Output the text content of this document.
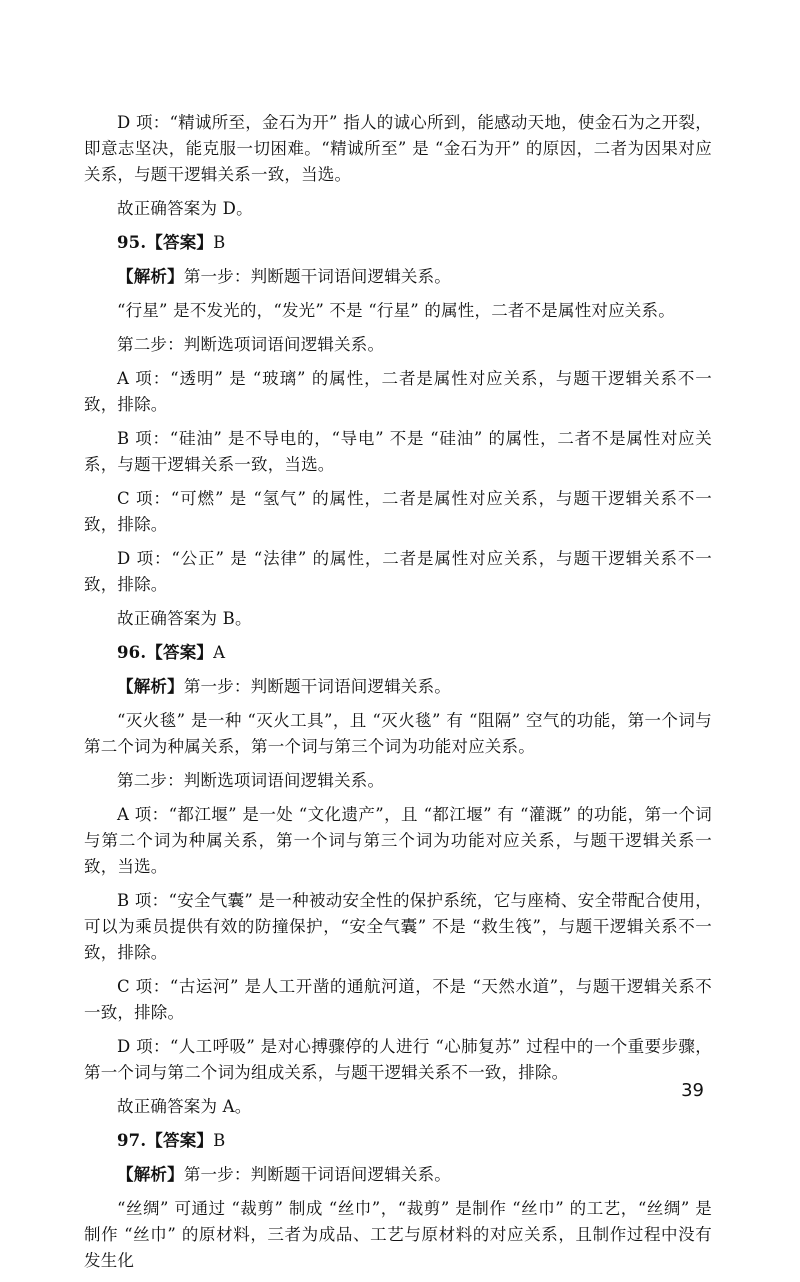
D 项：“精诚所至，金石为开” 指人的诚心所到，能感动天地，使金石为之开裂，即意志坚决，能克服一切困难。“精诚所至” 是 “金石为开” 的原因，二者为因果对应关系，与题干逻辑关系一致，当选。

故正确答案为 D。

95.【答案】B

【解析】第一步：判断题干词语间逻辑关系。

“行星” 是不发光的，“发光” 不是 “行星” 的属性，二者不是属性对应关系。

第二步：判断选项词语间逻辑关系。

A 项：“透明” 是 “玻璃” 的属性，二者是属性对应关系，与题干逻辑关系不一致，排除。

B 项：“硅油” 是不导电的，“导电” 不是 “硅油” 的属性，二者不是属性对应关系，与题干逻辑关系一致，当选。

C 项：“可燃” 是 “氢气” 的属性，二者是属性对应关系，与题干逻辑关系不一致，排除。

D 项：“公正” 是 “法律” 的属性，二者是属性对应关系，与题干逻辑关系不一致，排除。

故正确答案为 B。

96.【答案】A

【解析】第一步：判断题干词语间逻辑关系。

“灭火毯” 是一种 “灭火工具”，且 “灭火毯” 有 “阻隔” 空气的功能，第一个词与第二个词为种属关系，第一个词与第三个词为功能对应关系。

第二步：判断选项词语间逻辑关系。

A 项：“都江堰” 是一处 “文化遗产”，且 “都江堰” 有 “灌溉” 的功能，第一个词与第二个词为种属关系，第一个词与第三个词为功能对应关系，与题干逻辑关系一致，当选。

B 项：“安全气囊” 是一种被动安全性的保护系统，它与座椅、安全带配合使用，可以为乘员提供有效的防撞保护，“安全气囊” 不是 “救生筏”，与题干逻辑关系不一致，排除。

C 项：“古运河” 是人工开凿的通航河道，不是 “天然水道”，与题干逻辑关系不一致，排除。

D 项：“人工呼吸” 是对心搏骤停的人进行 “心肺复苏” 过程中的一个重要步骤，第一个词与第二个词为组成关系，与题干逻辑关系不一致，排除。

故正确答案为 A。

97.【答案】B

【解析】第一步：判断题干词语间逻辑关系。

“丝绸” 可通过 “裁剪” 制成 “丝巾”，“裁剪” 是制作 “丝巾” 的工艺，“丝绸” 是制作 “丝巾” 的原材料，三者为成品、工艺与原材料的对应关系，且制作过程中没有发生化

39
